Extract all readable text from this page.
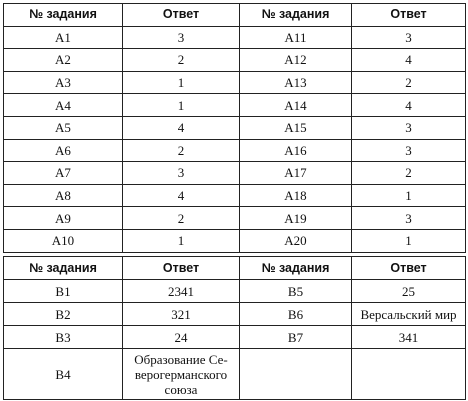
№ задания	Ответ	№ задания	Ответ
A1	3	A11	3
A2	2	A12	4
A3	1	A13	2
A4	1	A14	4
A5	4	A15	3
A6	2	A16	3
A7	3	A17	2
A8	4	A18	1
A9	2	A19	3
A10	1	A20	1
№ задания	Ответ	№ задания	Ответ
B1	2341	B5	25
B2	321	B6	Версальский мир
B3	24	B7	341
B4	Образование Се-верогерманского союза		
